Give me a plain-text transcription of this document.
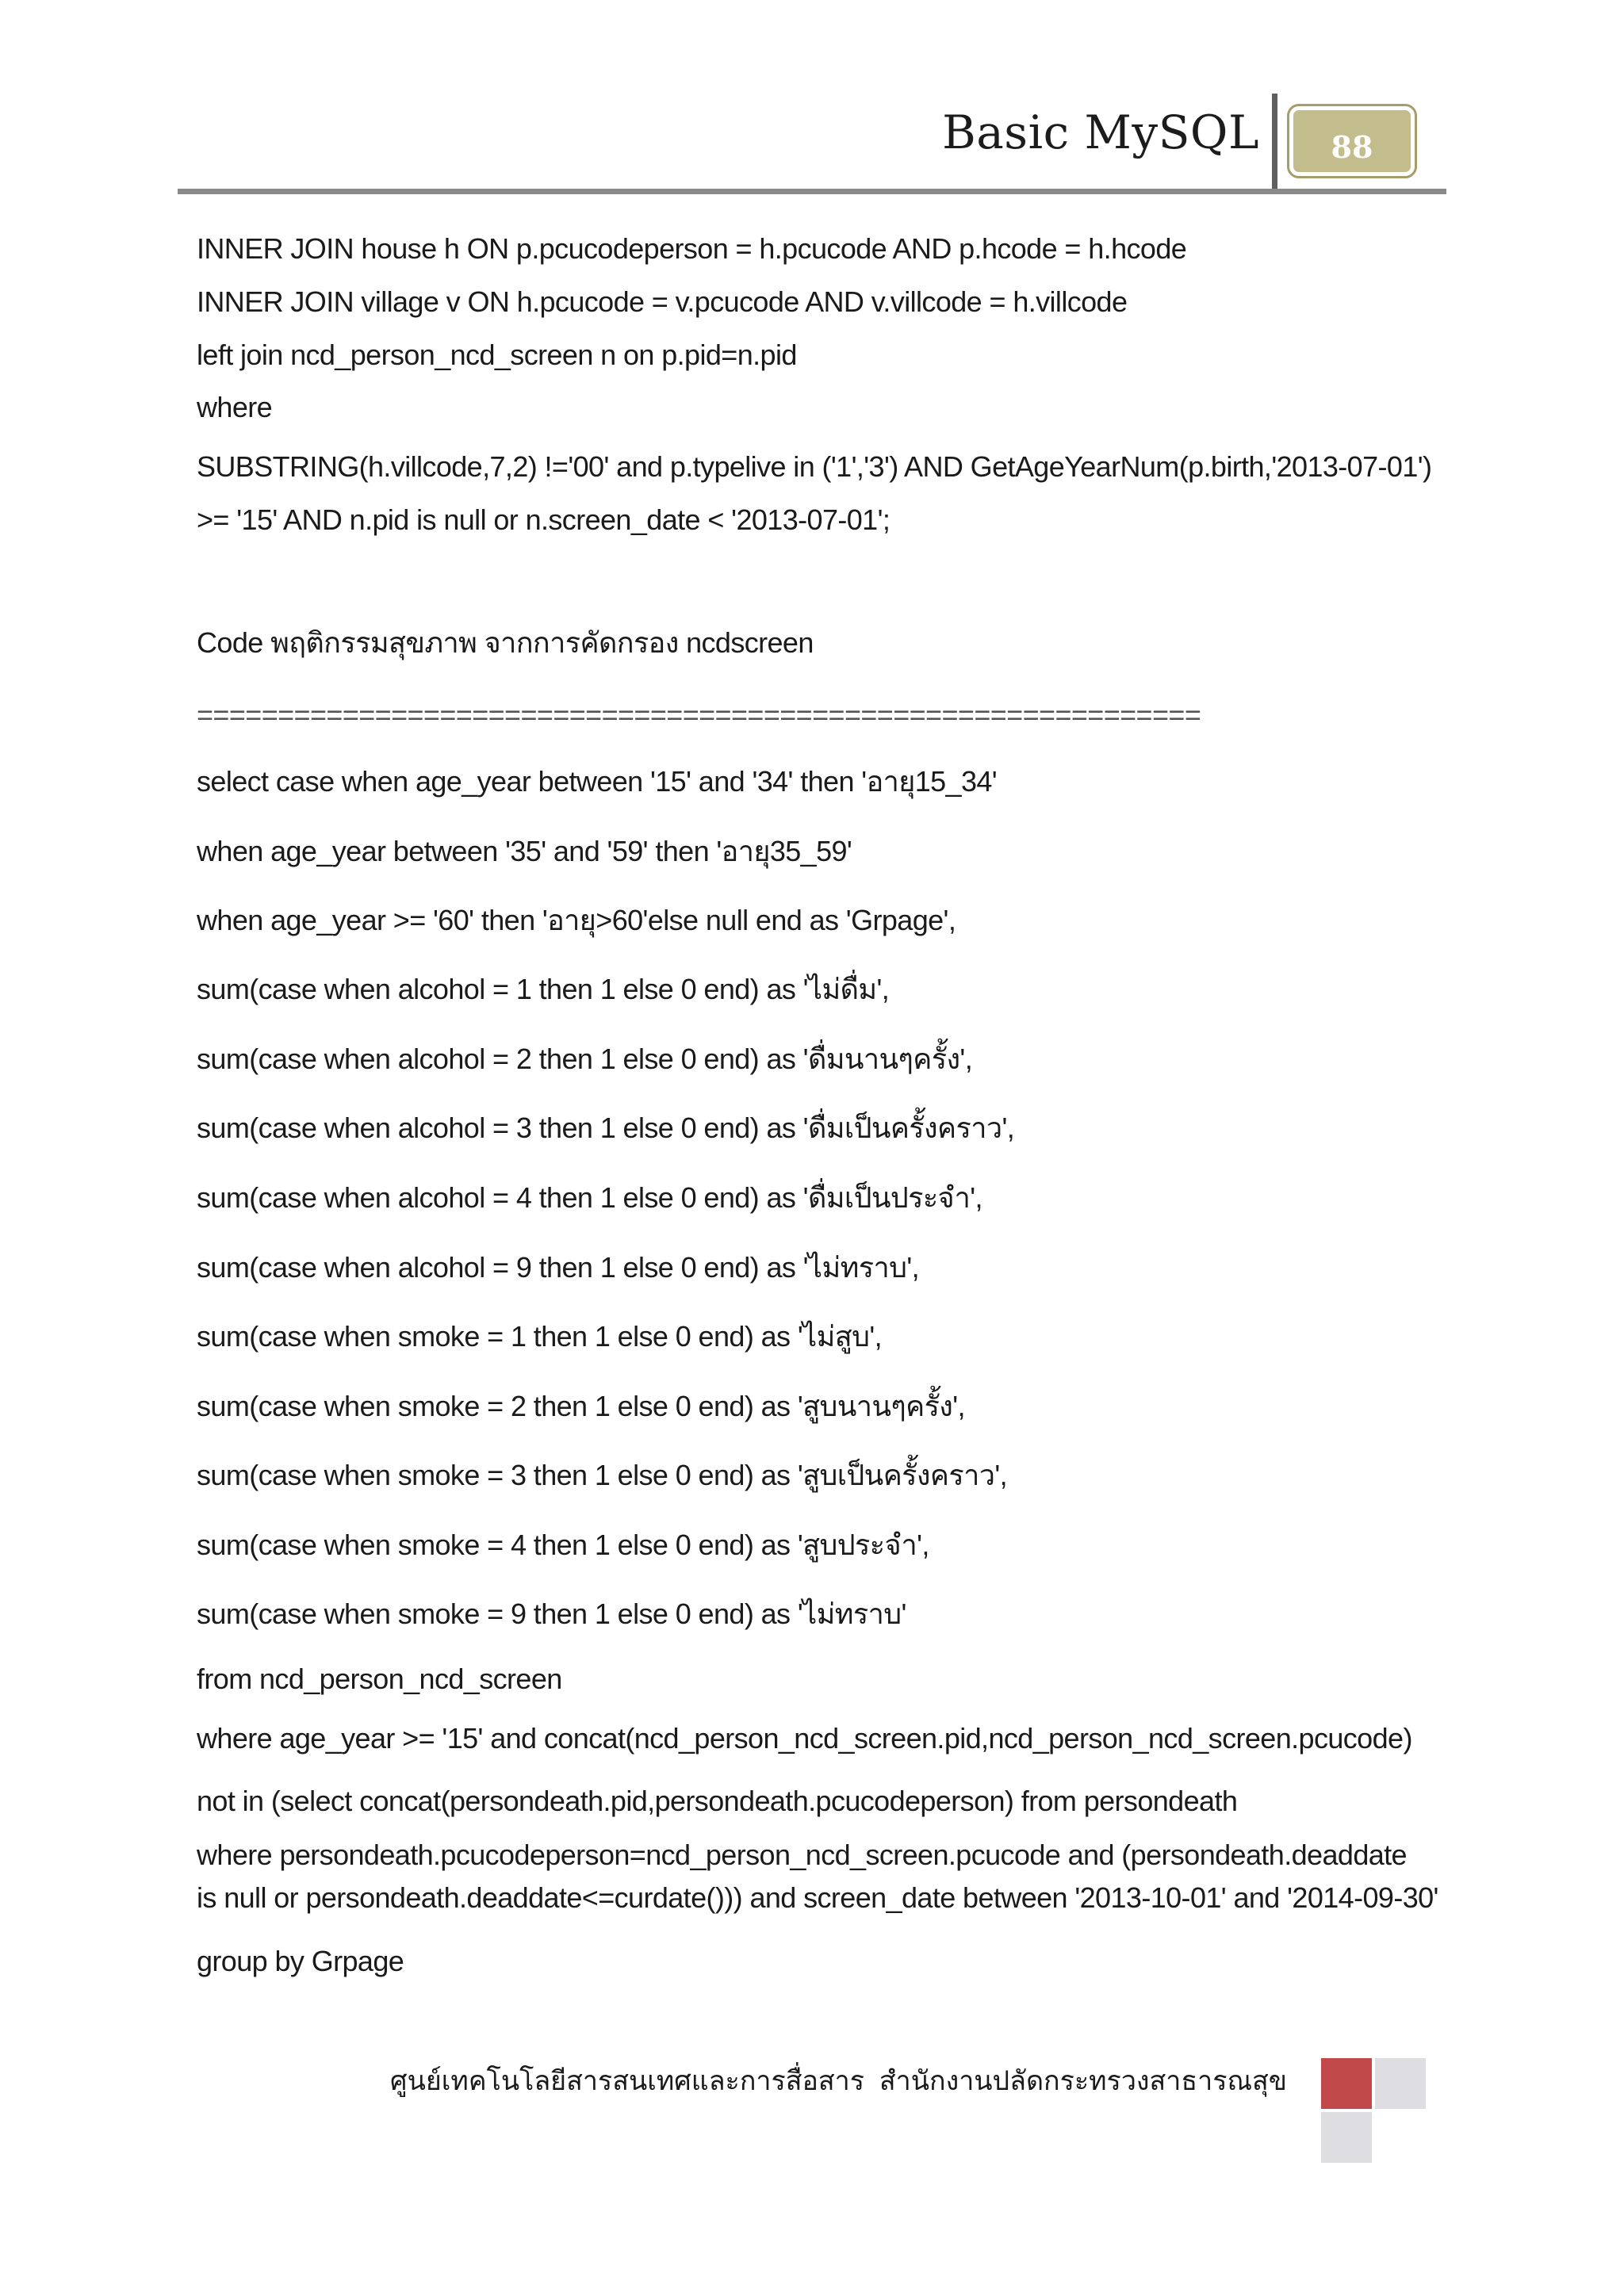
Basic MySQL	88
INNER JOIN house h ON p.pcucodeperson = h.pcucode AND p.hcode = h.hcode
INNER JOIN village v ON h.pcucode = v.pcucode AND v.villcode = h.villcode
left join ncd_person_ncd_screen n on p.pid=n.pid
where
SUBSTRING(h.villcode,7,2) !='00' and p.typelive in ('1','3') AND GetAgeYearNum(p.birth,'2013-07-01')
>= '15' AND n.pid is null or n.screen_date < '2013-07-01';
Code พฤติกรรมสุขภาพ จากการคัดกรอง ncdscreen
==============================================================
select case when age_year between '15' and '34' then 'อายุ15_34'
when age_year between '35' and '59' then 'อายุ35_59'
when age_year >= '60' then 'อายุ>60'else null end as 'Grpage',
sum(case when alcohol = 1 then 1 else 0 end) as 'ไม่ดื่ม',
sum(case when alcohol = 2 then 1 else 0 end) as 'ดื่มนานๆครั้ง',
sum(case when alcohol = 3 then 1 else 0 end) as 'ดื่มเป็นครั้งคราว',
sum(case when alcohol = 4 then 1 else 0 end) as 'ดื่มเป็นประจำ',
sum(case when alcohol = 9 then 1 else 0 end) as 'ไม่ทราบ',
sum(case when smoke = 1 then 1 else 0 end) as 'ไม่สูบ',
sum(case when smoke = 2 then 1 else 0 end) as 'สูบนานๆครั้ง',
sum(case when smoke = 3 then 1 else 0 end) as 'สูบเป็นครั้งคราว',
sum(case when smoke = 4 then 1 else 0 end) as 'สูบประจำ',
sum(case when smoke = 9 then 1 else 0 end) as 'ไม่ทราบ'
from ncd_person_ncd_screen
where age_year >= '15' and concat(ncd_person_ncd_screen.pid,ncd_person_ncd_screen.pcucode)
not in (select concat(persondeath.pid,persondeath.pcucodeperson) from persondeath
where persondeath.pcucodeperson=ncd_person_ncd_screen.pcucode and (persondeath.deaddate
is null or persondeath.deaddate<=curdate())) and screen_date between '2013-10-01' and '2014-09-30'
group by Grpage
ศูนย์เทคโนโลยีสารสนเทศและการสื่อสาร  สำนักงานปลัดกระทรวงสาธารณสุข
